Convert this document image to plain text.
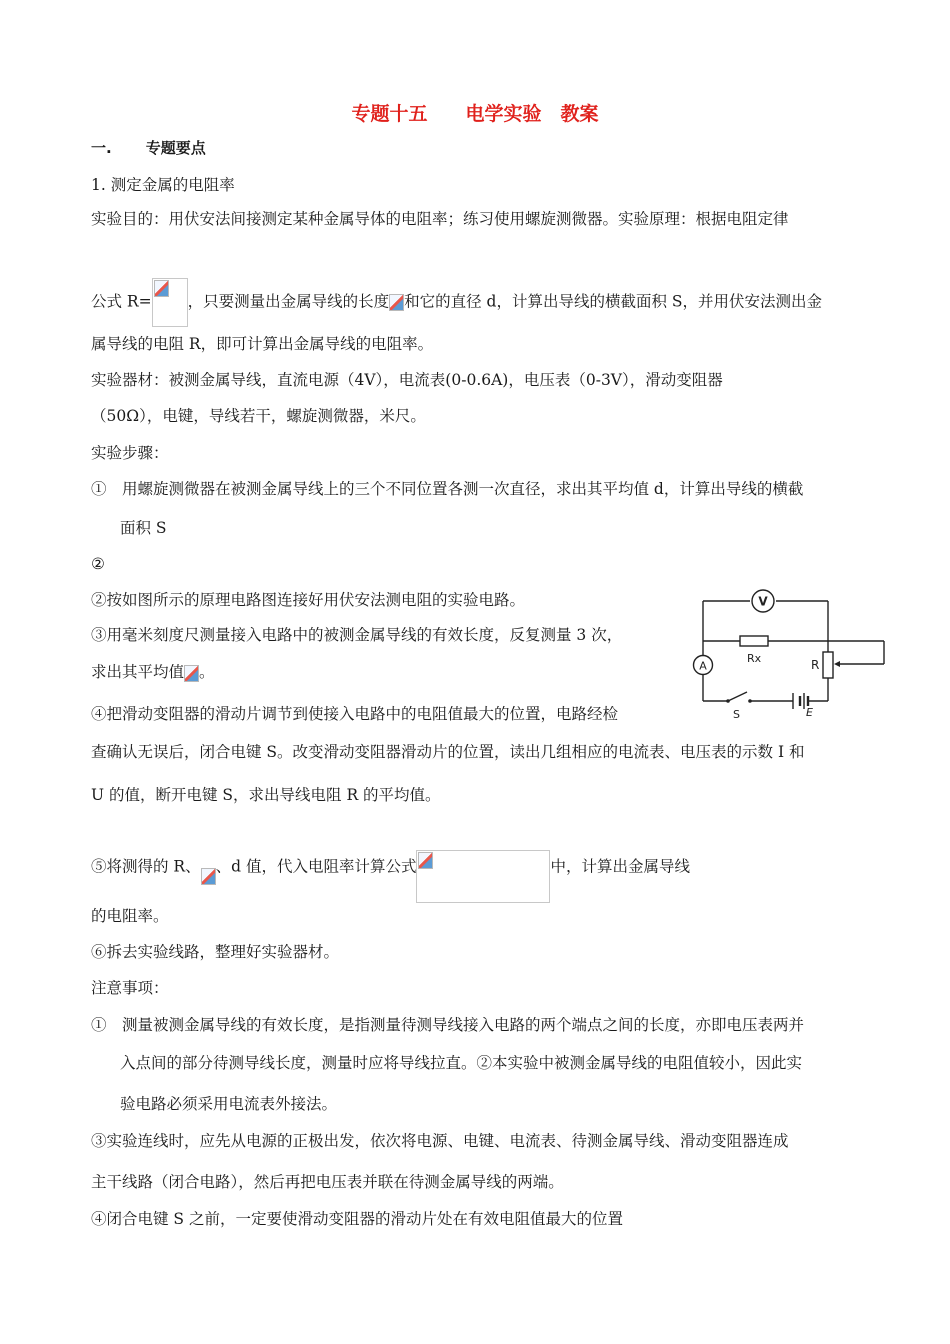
专题十五　　电学实验　教案
一. 专题要点
1. 测定金属的电阻率
实验目的：用伏安法间接测定某种金属导体的电阻率；练习使用螺旋测微器。实验原理：根据电阻定律
公式 R= ，只要测量出金属导线的长度 和它的直径 d，计算出导线的横截面积 S，并用伏安法测出金
属导线的电阻 R，即可计算出金属导线的电阻率。
实验器材：被测金属导线，直流电源（4V），电流表(0-0.6A)，电压表（0-3V），滑动变阻器
（50Ω），电键，导线若干，螺旋测微器，米尺。
实验步骤：
①　用螺旋测微器在被测金属导线上的三个不同位置各测一次直径，求出其平均值 d，计算出导线的横截
面积 S
②
②按如图所示的原理电路图连接好用伏安法测电阻的实验电路。
③用毫米刻度尺测量接入电路中的被测金属导线的有效长度，反复测量 3 次，
求出其平均值 。
④把滑动变阻器的滑动片调节到使接入电路中的电阻值最大的位置，电路经检
查确认无误后，闭合电键 S。改变滑动变阻器滑动片的位置，读出几组相应的电流表、电压表的示数 I 和
U 的值，断开电键 S，求出导线电阻 R 的平均值。
⑤将测得的 R、 、d 值，代入电阻率计算公式	中，计算出金属导线
的电阻率。
⑥拆去实验线路，整理好实验器材。
注意事项：
①　测量被测金属导线的有效长度，是指测量待测导线接入电路的两个端点之间的长度，亦即电压表两并
入点间的部分待测导线长度，测量时应将导线拉直。②本实验中被测金属导线的电阻值较小，因此实
验电路必须采用电流表外接法。
③实验连线时，应先从电源的正极出发，依次将电源、电键、电流表、待测金属导线、滑动变阻器连成
主干线路（闭合电路），然后再把电压表并联在待测金属导线的两端。
④闭合电键 S 之前，一定要使滑动变阻器的滑动片处在有效电阻值最大的位置
V
A
Rx	R
S	E
